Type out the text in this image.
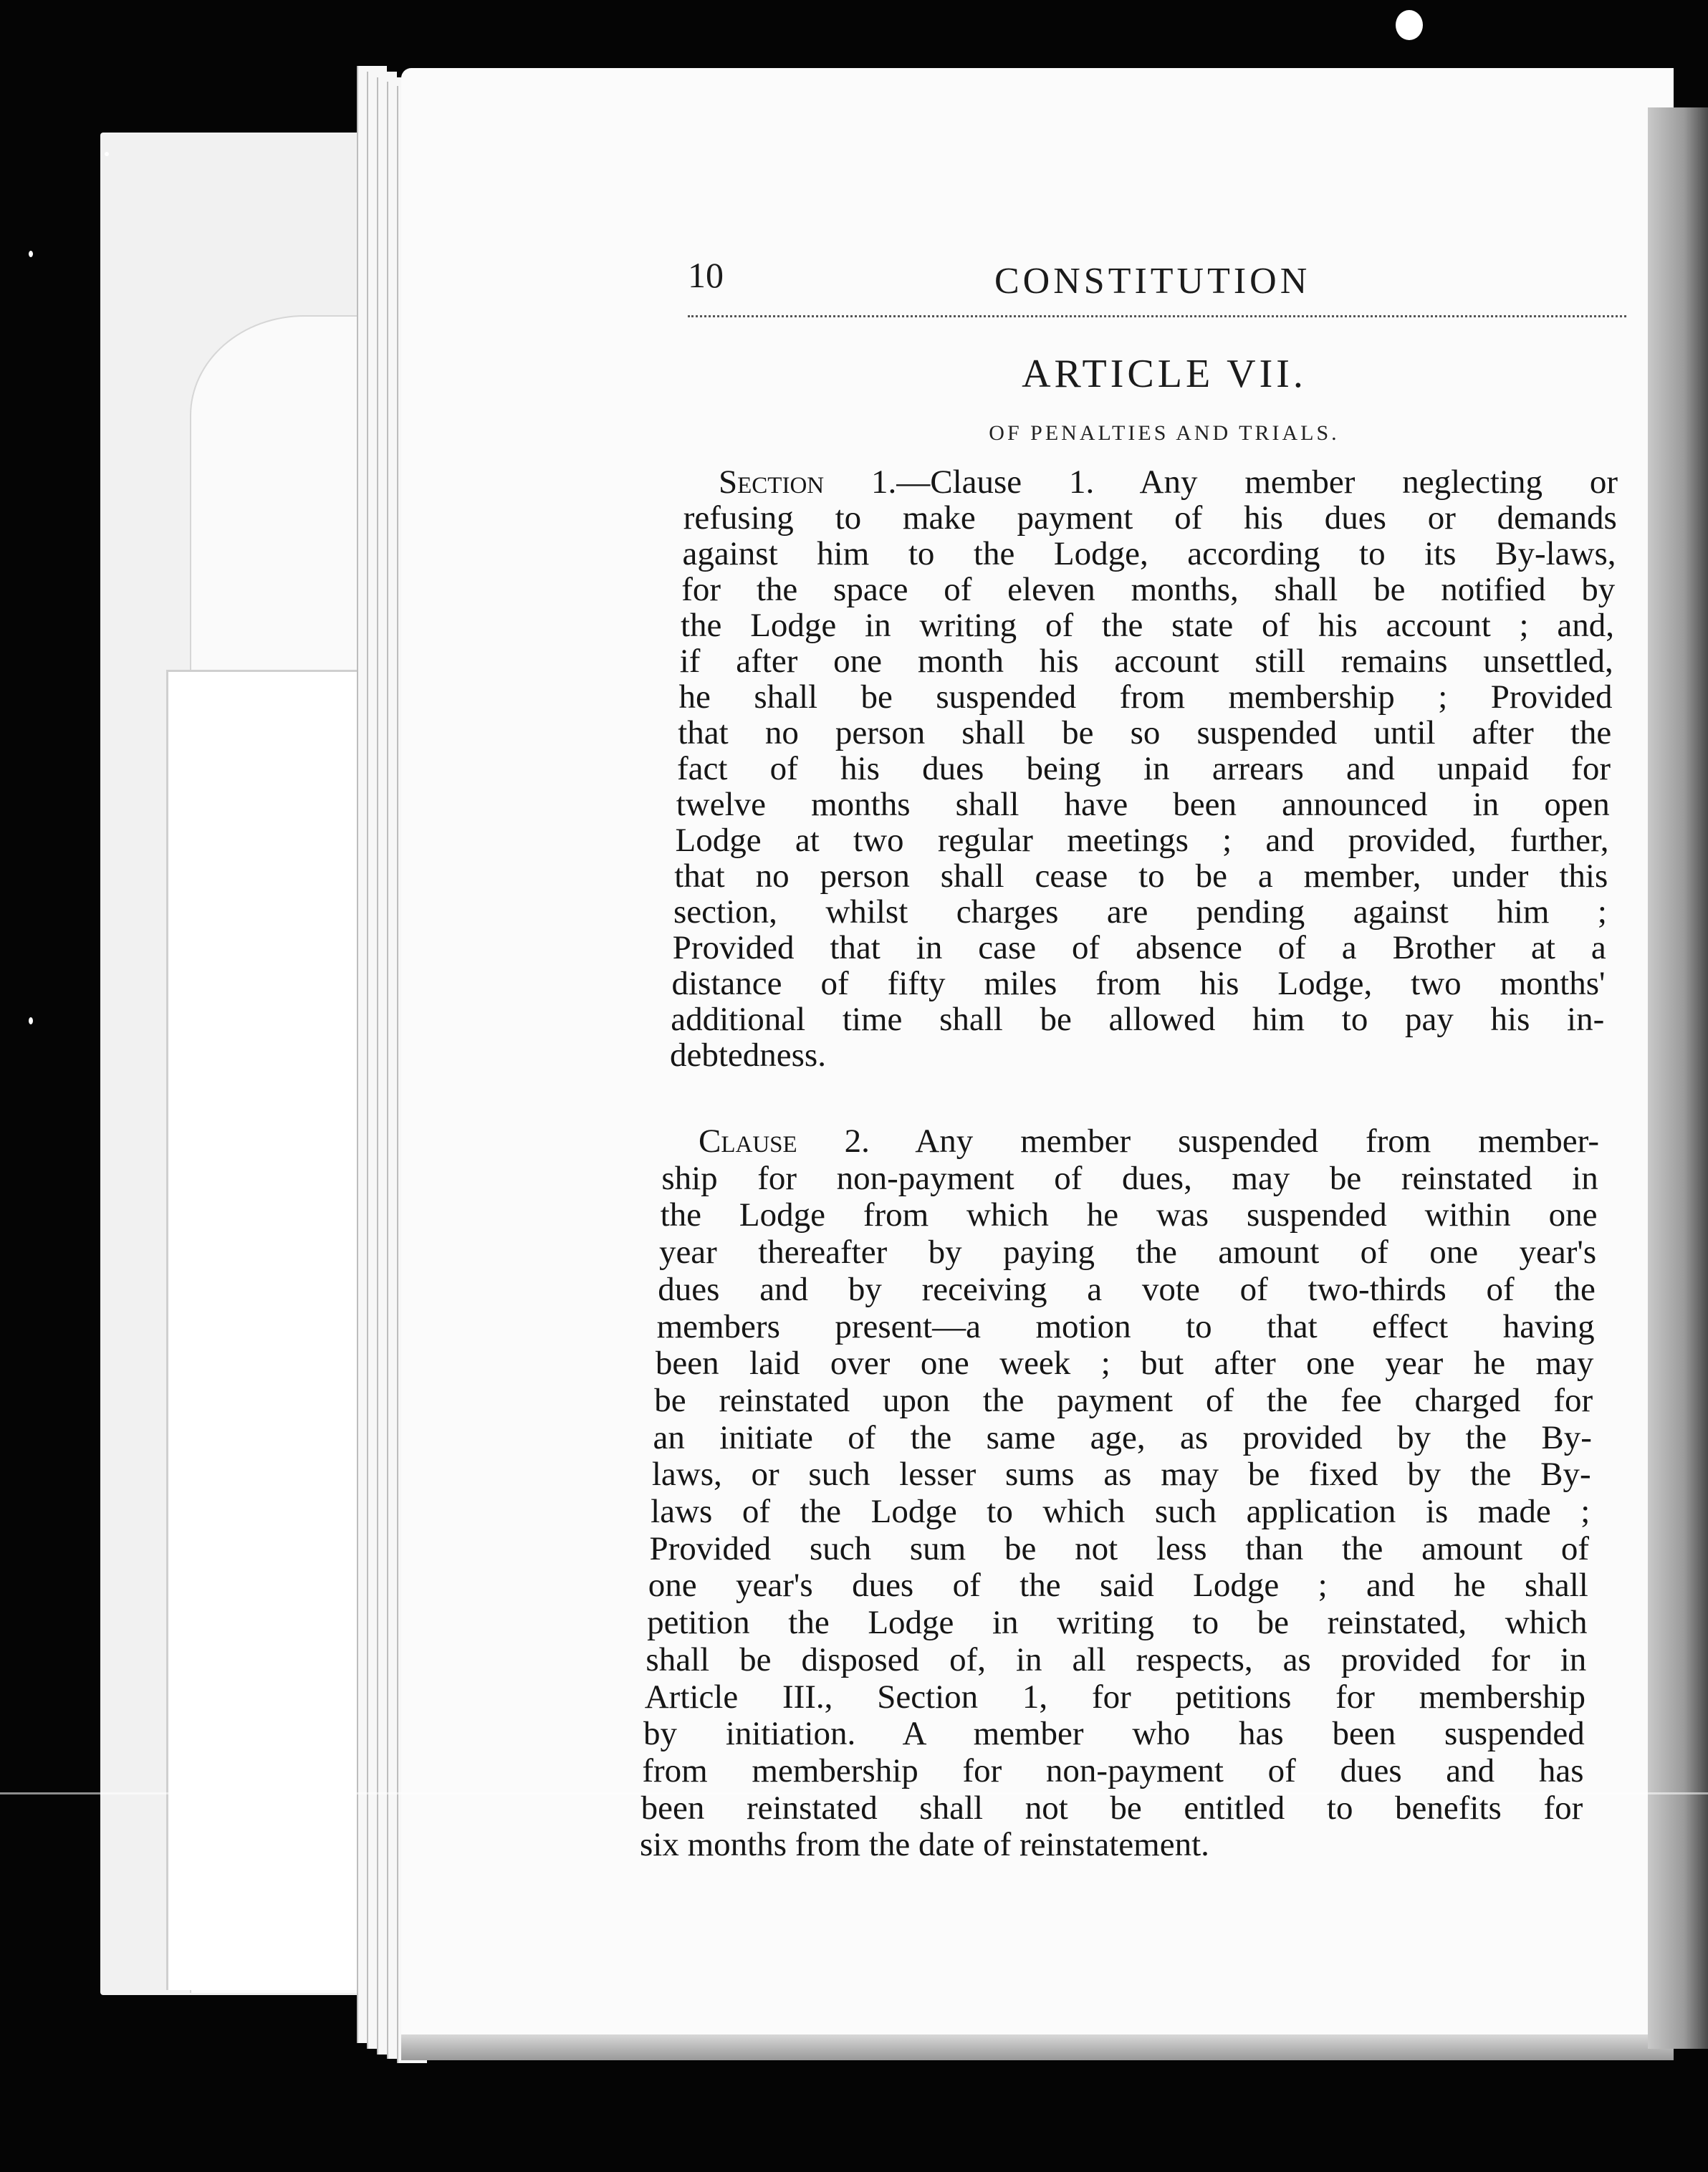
10	CONSTITUTION
ARTICLE VII.
OF PENALTIES AND TRIALS.
Section 1.—Clause 1. Any member neglecting or
refusing to make payment of his dues or demands
against him to the Lodge, according to its By-laws,
for the space of eleven months, shall be notified by
the Lodge in writing of the state of his account ; and,
if after one month his account still remains unsettled,
he shall be suspended from membership ; Provided
that no person shall be so suspended until after the
fact of his dues being in arrears and unpaid for
twelve months shall have been announced in open
Lodge at two regular meetings ; and provided, further,
that no person shall cease to be a member, under this
section, whilst charges are pending against him ;
Provided that in case of absence of a Brother at a
distance of fifty miles from his Lodge, two months'
additional time shall be allowed him to pay his in-
debtedness.
Clause 2. Any member suspended from member-
ship for non-payment of dues, may be reinstated in
the Lodge from which he was suspended within one
year thereafter by paying the amount of one year's
dues and by receiving a vote of two-thirds of the
members present—a motion to that effect having
been laid over one week ; but after one year he may
be reinstated upon the payment of the fee charged for
an initiate of the same age, as provided by the By-
laws, or such lesser sums as may be fixed by the By-
laws of the Lodge to which such application is made ;
Provided such sum be not less than the amount of
one year's dues of the said Lodge ; and he shall
petition the Lodge in writing to be reinstated, which
shall be disposed of, in all respects, as provided for in
Article III., Section 1, for petitions for membership
by initiation. A member who has been suspended
from membership for non-payment of dues and has
been reinstated shall not be entitled to benefits for
six months from the date of reinstatement.
